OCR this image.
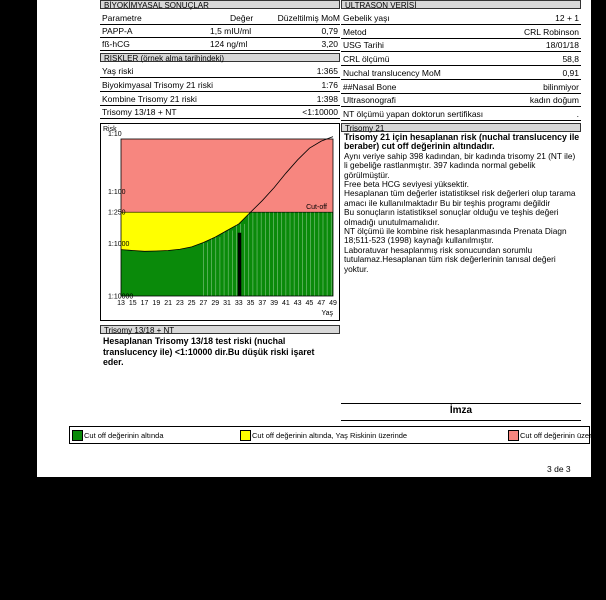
BİYOKİMYASAL SONUÇLAR
Parametre	Değer	Düzeltilmiş MoM
PAPP-A	1,5 mIU/ml	0,79
fß-hCG	124 ng/ml	3,20
RISKLER (örnek alma tarihindeki)
Yaş riski	1:365
Biyokimyasal Trisomy 21 riski	1:76
Kombine Trisomy 21 riski	1:398
Trisomy 13/18 + NT	<1:10000
ULTRASON VERİSİ
Cut-off
Risk
1:10
1:100
1:250
1:1000
1:10000
13 15 17 19 21 23 25 27 29 31 33 35 37 39 41 43 45 47 49
Yaş
Trisomy 21
Trisomy 21 için hesaplanan risk (nuchal translucency ile beraber) cut off değerinin altındadır.
Aynı veriye sahip 398 kadından, bir kadında trisomy 21 (NT ile) li gebeliğe rastlanmıştır. 397 kadında normal gebelik görülmüştür.
Free beta HCG seviyesi yüksektir.
Hesaplanan tüm değerler istatistiksel risk değerleri olup tarama amacı ile kullanılmaktadır Bu bir teşhis programı değildir
Bu sonuçların istatistiksel sonuçlar olduğu ve teşhis değeri olmadığı unutulmamalıdır.
NT ölçümü ile kombine risk hesaplanmasında Prenata Diagn 18;511-523 (1998) kaynağı kullanılmıştır.
Laboratuvar hesaplanmış risk sonucundan sorumlu tutulamaz.Hesaplanan tüm risk değerlerinin tanısal değeri yoktur.
Trisomy 13/18 + NT
Hesaplanan Trisomy 13/18 test riski (nuchal translucency ile) <1:10000 dir.Bu düşük riski işaret eder.
İmza
Cut off değerinin altında	Cut off değerinin altında, Yaş Riskinin üzerinde	Cut off değerinin üzerinde
3 de 3
Gebelik yaşı	12 + 1
Metod	CRL Robinson
USG Tarihi	18/01/18
CRL ölçümü	58,8
Nuchal translucency MoM	0,91
##Nasal Bone	bilinmiyor
Ultrasonografi	kadın doğum
NT ölçümü yapan doktorun sertifikası	.
